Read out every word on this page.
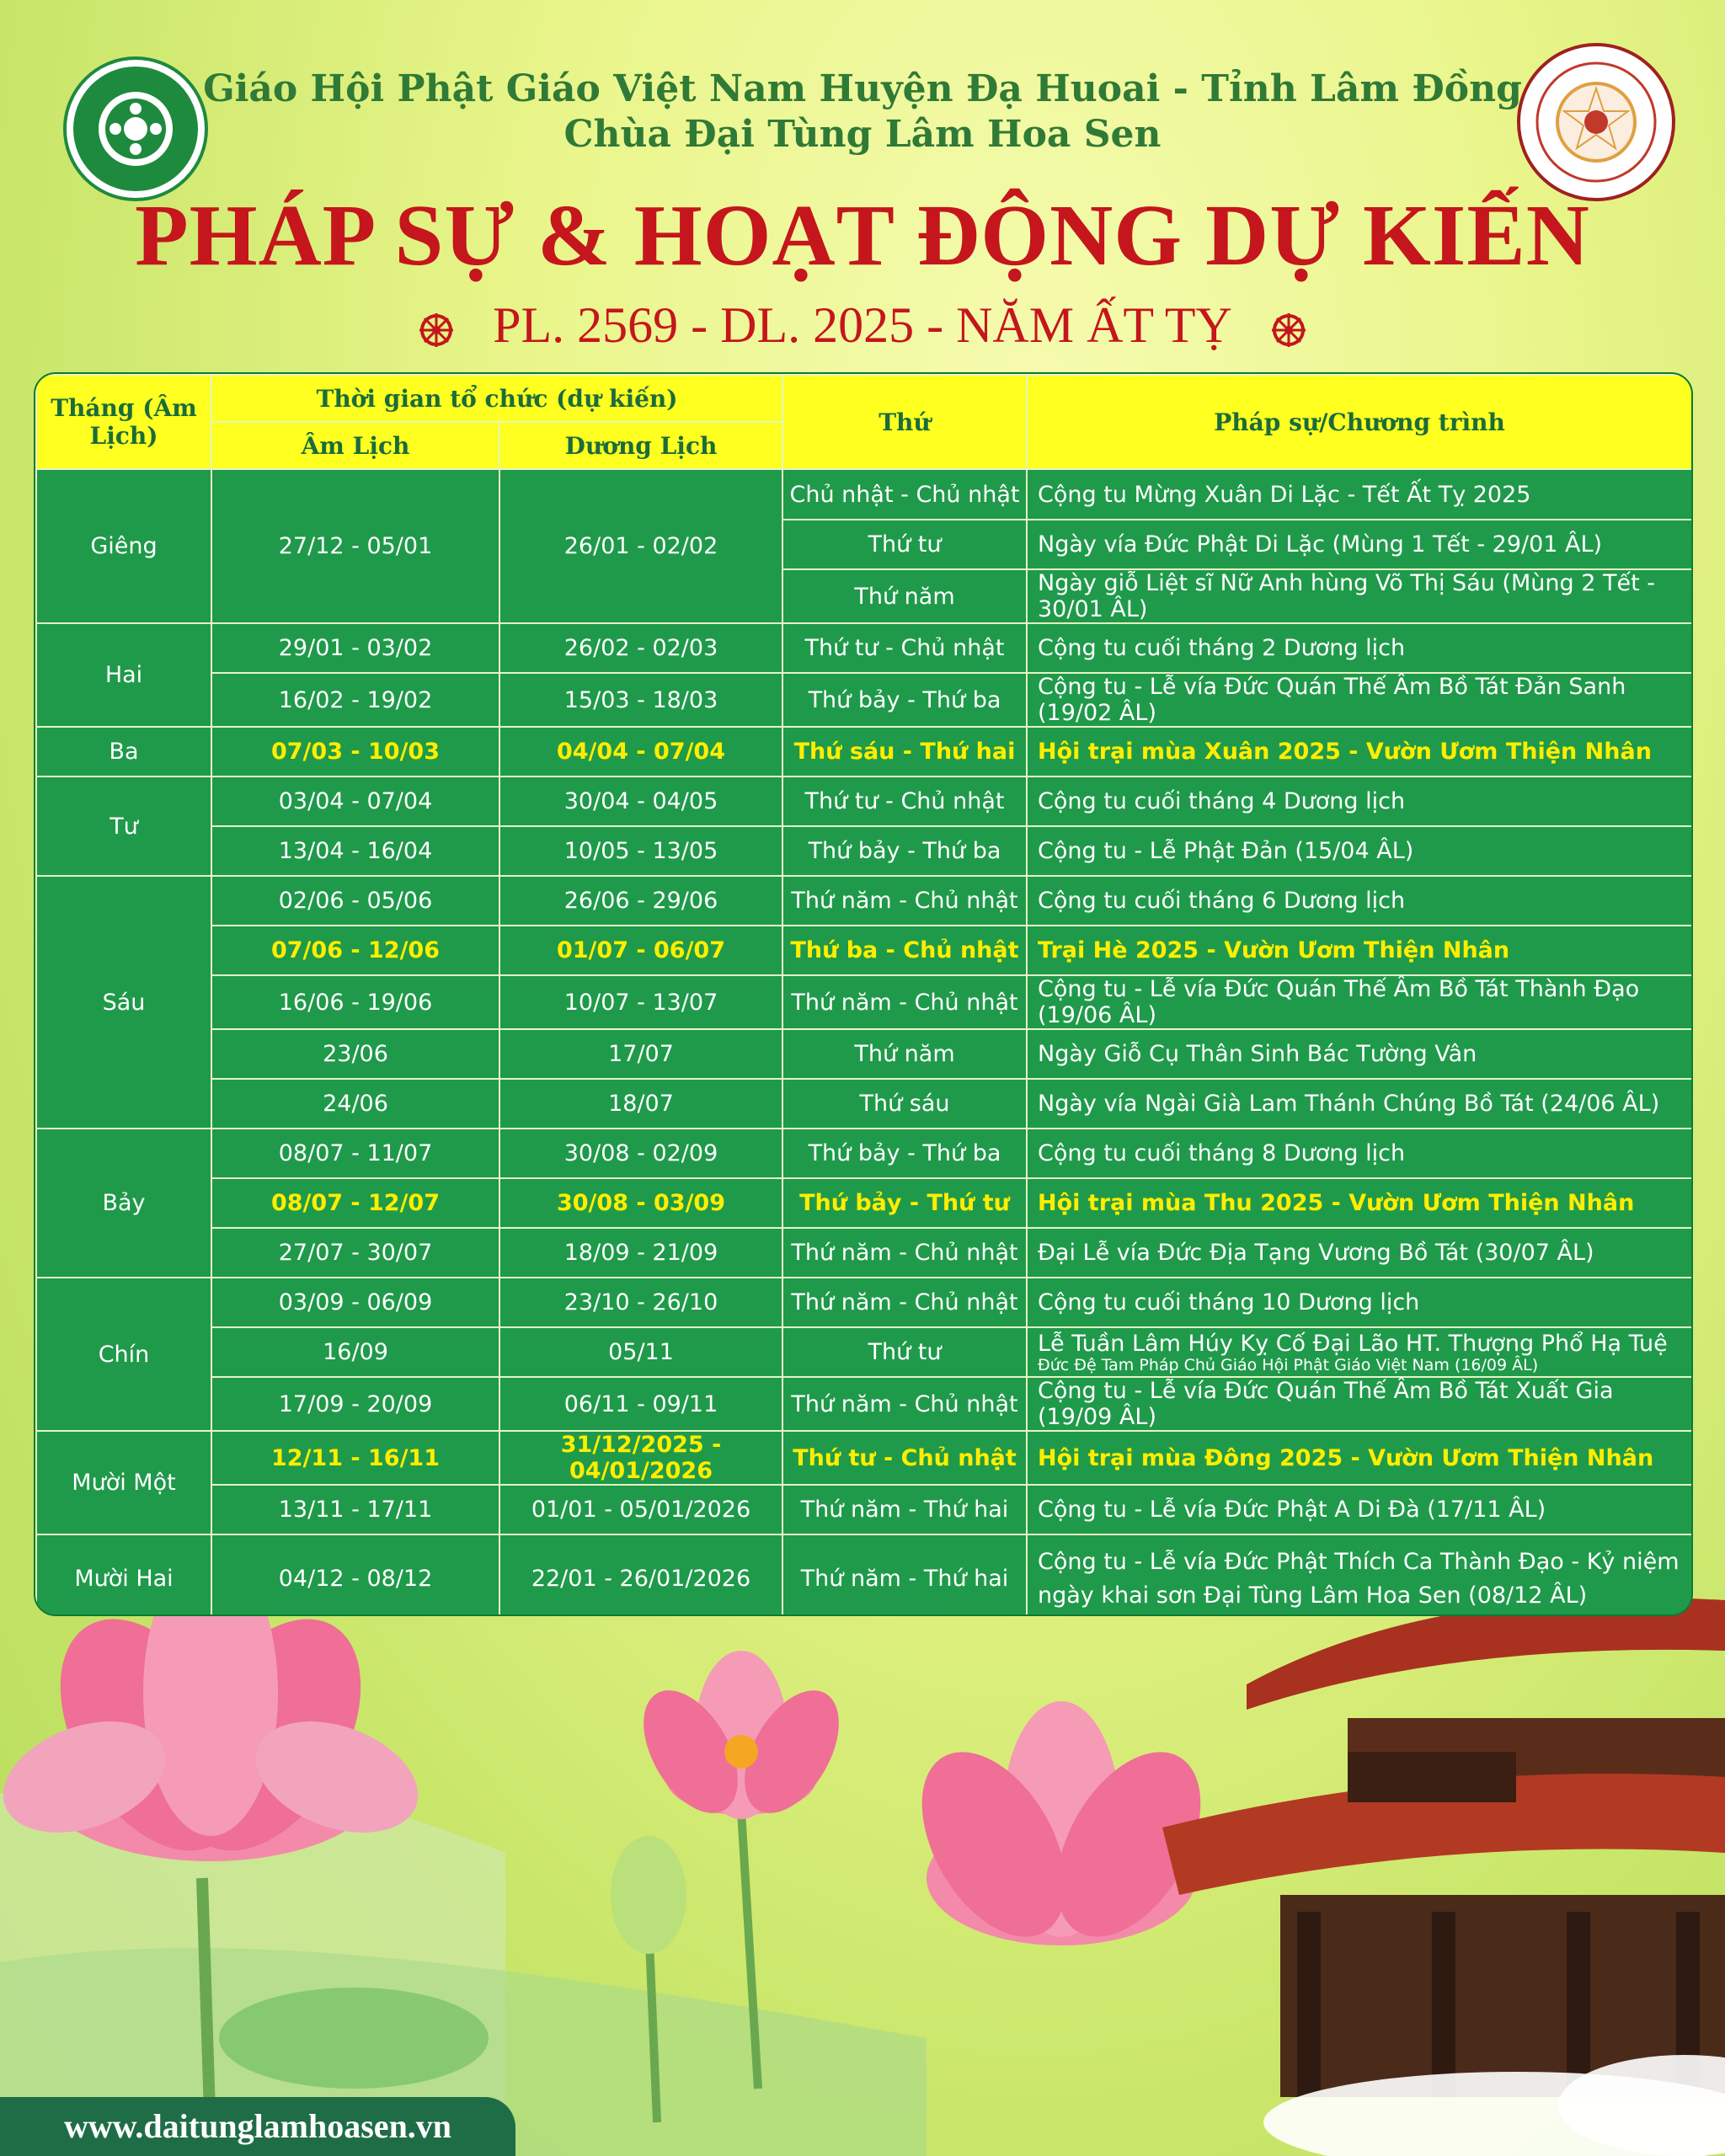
Giáo Hội Phật Giáo Việt Nam Huyện Đạ Huoai - Tỉnh Lâm Đồng
Chùa Đại Tùng Lâm Hoa Sen
PHÁP SỰ & HOẠT ĐỘNG DỰ KIẾN
PL. 2569 - DL. 2025 - NĂM ẤT TỴ
Tháng (Âm Lịch)	Thời gian tổ chức (dự kiến)		Thứ	Pháp sự/Chương trình
	Âm Lịch	Dương Lịch		
Giêng	27/12 - 05/01	26/01 - 02/02	Chủ nhật - Chủ nhật	Cộng tu Mừng Xuân Di Lặc - Tết Ất Tỵ 2025
			Thứ tư	Ngày vía Đức Phật Di Lặc (Mùng 1 Tết - 29/01 ÂL)
			Thứ năm	Ngày giỗ Liệt sĩ Nữ Anh hùng Võ Thị Sáu (Mùng 2 Tết - 30/01 ÂL)
Hai	29/01 - 03/02	26/02 - 02/03	Thứ tư - Chủ nhật	Cộng tu cuối tháng 2 Dương lịch
	16/02 - 19/02	15/03 - 18/03	Thứ bảy - Thứ ba	Cộng tu - Lễ vía Đức Quán Thế Âm Bồ Tát Đản Sanh (19/02 ÂL)
Ba	07/03 - 10/03	04/04 - 07/04	Thứ sáu - Thứ hai	Hội trại mùa Xuân 2025 - Vườn Ươm Thiện Nhân
Tư	03/04 - 07/04	30/04 - 04/05	Thứ tư - Chủ nhật	Cộng tu cuối tháng 4 Dương lịch
	13/04 - 16/04	10/05 - 13/05	Thứ bảy - Thứ ba	Cộng tu - Lễ Phật Đản (15/04 ÂL)
Sáu	02/06 - 05/06	26/06 - 29/06	Thứ năm - Chủ nhật	Cộng tu cuối tháng 6 Dương lịch
	07/06 - 12/06	01/07 - 06/07	Thứ ba - Chủ nhật	Trại Hè 2025 - Vườn Ươm Thiện Nhân
	16/06 - 19/06	10/07 - 13/07	Thứ năm - Chủ nhật	Cộng tu - Lễ vía Đức Quán Thế Âm Bồ Tát Thành Đạo (19/06 ÂL)
	23/06	17/07	Thứ năm	Ngày Giỗ Cụ Thân Sinh Bác Tường Vân
	24/06	18/07	Thứ sáu	Ngày vía Ngài Già Lam Thánh Chúng Bồ Tát (24/06 ÂL)
Bảy	08/07 - 11/07	30/08 - 02/09	Thứ bảy - Thứ ba	Cộng tu cuối tháng 8 Dương lịch
	08/07 - 12/07	30/08 - 03/09	Thứ bảy - Thứ tư	Hội trại mùa Thu 2025 - Vườn Ươm Thiện Nhân
	27/07 - 30/07	18/09 - 21/09	Thứ năm - Chủ nhật	Đại Lễ vía Đức Địa Tạng Vương Bồ Tát (30/07 ÂL)
Chín	03/09 - 06/09	23/10 - 26/10	Thứ năm - Chủ nhật	Cộng tu cuối tháng 10 Dương lịch
	16/09	05/11	Thứ tư	Lễ Tuần Lâm Húy Kỵ Cố Đại Lão HT. Thượng Phổ Hạ Tuệ
Đức Đệ Tam Pháp Chủ Giáo Hội Phật Giáo Việt Nam (16/09 ÂL)

	17/09 - 20/09	06/11 - 09/11	Thứ năm - Chủ nhật	Cộng tu - Lễ vía Đức Quán Thế Âm Bồ Tát Xuất Gia (19/09 ÂL)
Mười Một	12/11 - 16/11	31/12/2025 - 04/01/2026	Thứ tư - Chủ nhật	Hội trại mùa Đông 2025 - Vườn Ươm Thiện Nhân
	13/11 - 17/11	01/01 - 05/01/2026	Thứ năm - Thứ hai	Cộng tu - Lễ vía Đức Phật A Di Đà (17/11 ÂL)
Mười Hai	04/12 - 08/12	22/01 - 26/01/2026	Thứ năm - Thứ hai	Cộng tu - Lễ vía Đức Phật Thích Ca Thành Đạo - Kỷ niệm ngày khai sơn Đại Tùng Lâm Hoa Sen (08/12 ÂL)
www.daitunglamhoasen.vn
